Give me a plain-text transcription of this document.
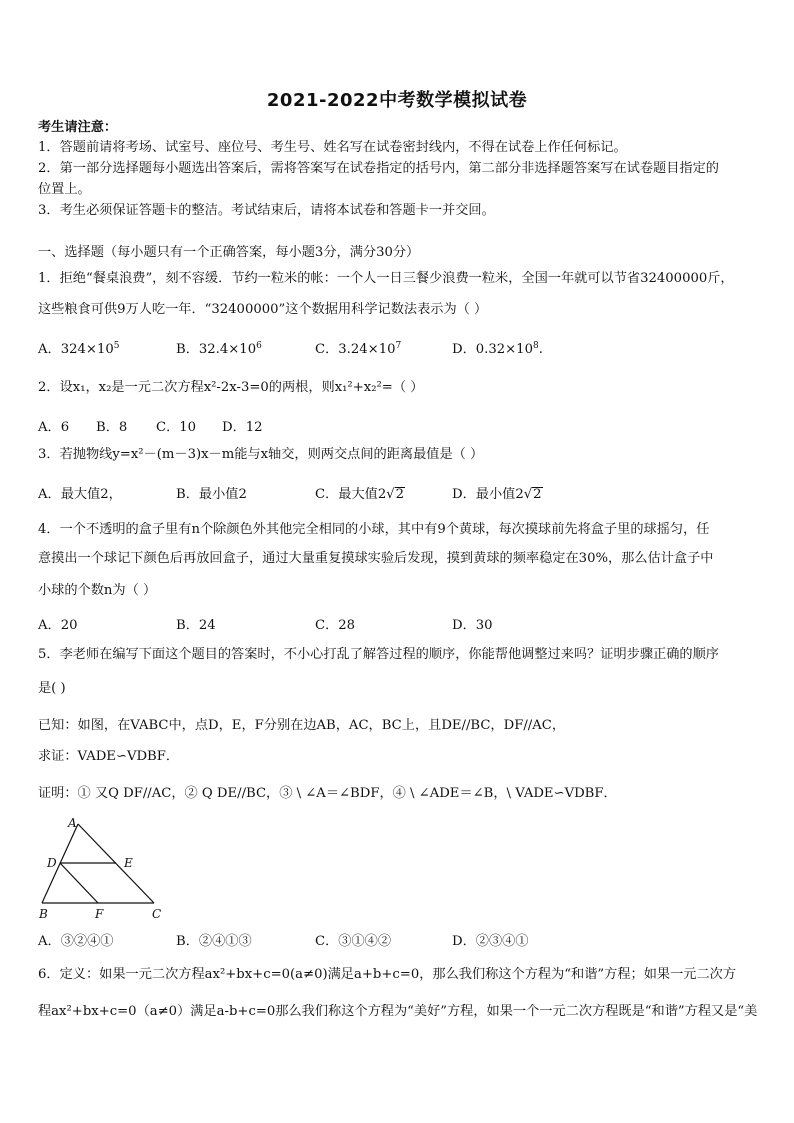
2021-2022中考数学模拟试卷
考生请注意：
1．答题前请将考场、试室号、座位号、考生号、姓名写在试卷密封线内，不得在试卷上作任何标记。
2．第一部分选择题每小题选出答案后，需将答案写在试卷指定的括号内，第二部分非选择题答案写在试卷题目指定的
位置上。
3．考生必须保证答题卡的整洁。考试结束后，请将本试卷和答题卡一并交回。
一、选择题（每小题只有一个正确答案，每小题3分，满分30分）
1．拒绝“餐桌浪费”，刻不容缓．节约一粒米的帐：一个人一日三餐少浪费一粒米，全国一年就可以节省32400000斤，
这些粮食可供9万人吃一年．“32400000”这个数据用科学记数法表示为（ ）
A．$324\times 10^5$	B．$32.4\times 10^6$	C．$3.24\times 10^7$	D．$0.32\times 10^8$.
2．设x₁，x₂是一元二次方程x²-2x-3=0的两根，则x₁²+x₂²=（ ）
A．6 B．8 C．10 D．12
3．若抛物线y=x²－(m－3)x－m能与x轴交，则两交点间的距离最值是（ ）
A．最大值2，	B．最小值2	C．最大值2√2	D．最小值2√2
4．一个不透明的盒子里有n个除颜色外其他完全相同的小球，其中有9个黄球，每次摸球前先将盒子里的球摇匀，任
意摸出一个球记下颜色后再放回盒子，通过大量重复摸球实验后发现，摸到黄球的频率稳定在30%，那么估计盒子中
小球的个数n为（ ）
A．20	B．24	C．28	D．30
5．李老师在编写下面这个题目的答案时，不小心打乱了解答过程的顺序，你能帮他调整过来吗？证明步骤正确的顺序
是( )
已知：如图，在VABC中，点D，E，F分别在边AB，AC，BC上，且DE//BC，DF//AC，
求证：VADE∽VDBF．
证明：① 又Q DF//AC，② Q DE//BC，③ \ ∠A＝∠BDF，④ \ ∠ADE＝∠B，\ VADE∽VDBF．
A
D	E
B	F	C
A．③②④①	B．②④①③	C．③①④②	D．②③④①
6．定义：如果一元二次方程ax²+bx+c=0(a≠0)满足a+b+c=0，那么我们称这个方程为“和谐”方程；如果一元二次方
程ax²+bx+c=0（a≠0）满足a-b+c=0那么我们称这个方程为“美好”方程，如果一个一元二次方程既是“和谐”方程又是“美
